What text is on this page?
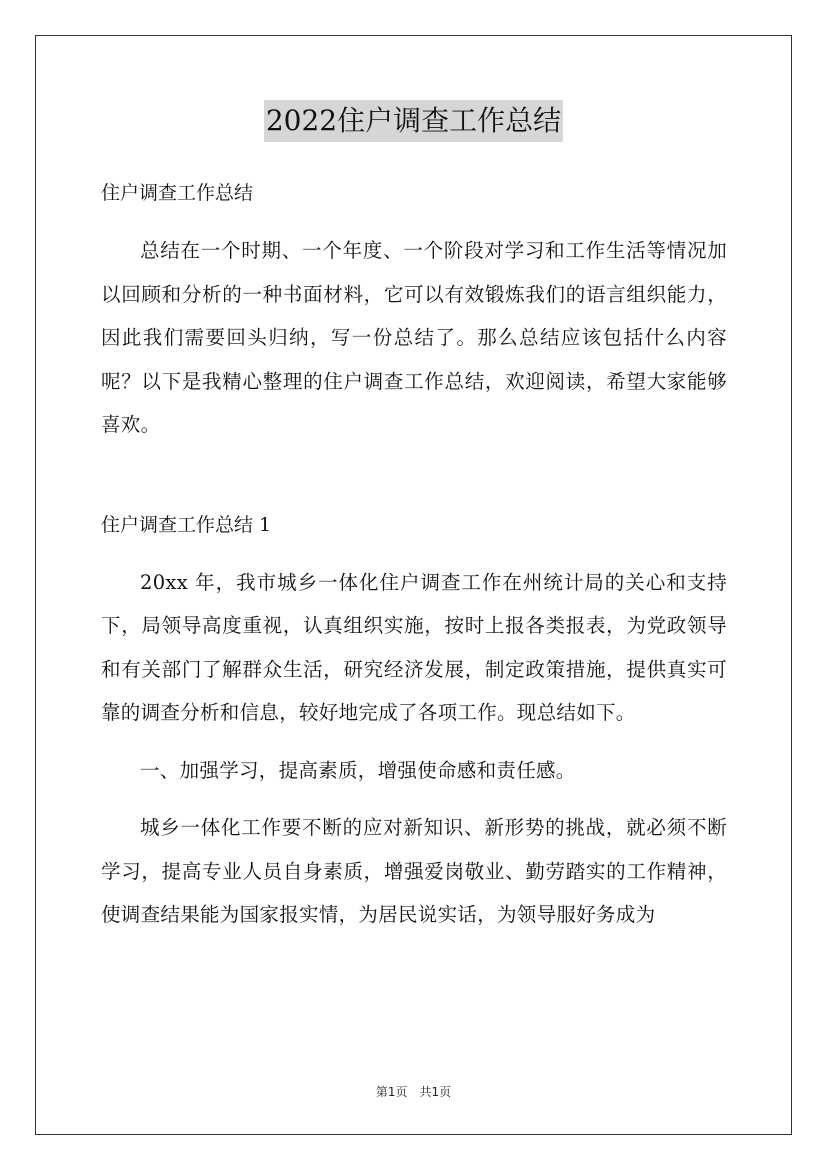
2022住户调查工作总结

住户调查工作总结

总结在一个时期、一个年度、一个阶段对学习和工作生活等情况加以回顾和分析的一种书面材料，它可以有效锻炼我们的语言组织能力，因此我们需要回头归纳，写一份总结了。那么总结应该包括什么内容呢？以下是我精心整理的住户调查工作总结，欢迎阅读，希望大家能够喜欢。

住户调查工作总结 1

20xx 年，我市城乡一体化住户调查工作在州统计局的关心和支持下，局领导高度重视，认真组织实施，按时上报各类报表，为党政领导和有关部门了解群众生活，研究经济发展，制定政策措施，提供真实可靠的调查分析和信息，较好地完成了各项工作。现总结如下。

一、加强学习，提高素质，增强使命感和责任感。

城乡一体化工作要不断的应对新知识、新形势的挑战，就必须不断学习，提高专业人员自身素质，增强爱岗敬业、勤劳踏实的工作精神，使调查结果能为国家报实情，为居民说实话，为领导服好务成为

第1页　共1页
